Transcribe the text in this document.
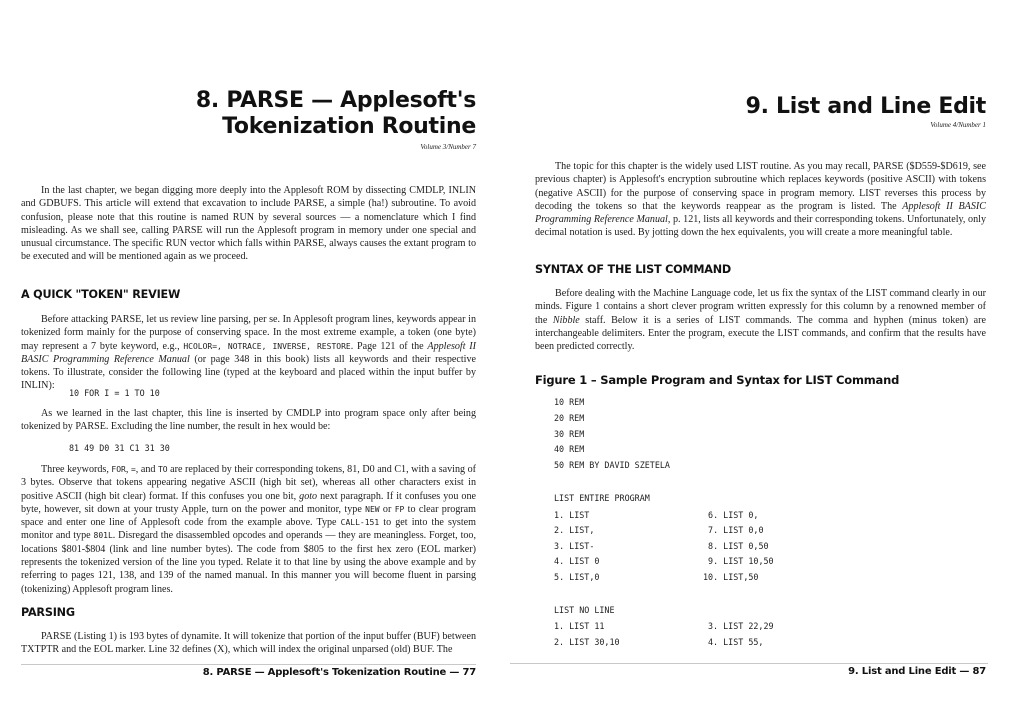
8. PARSE — Applesoft's
Tokenization Routine
Volume 3/Number 7

In the last chapter, we began digging more deeply into the Applesoft ROM by dissecting CMDLP, INLIN and GDBUFS. This article will extend that excavation to include PARSE, a simple (ha!) subroutine. To avoid confusion, please note that this routine is named RUN by several sources — a nomenclature which I find misleading. As we shall see, calling PARSE will run the Applesoft program in memory under one special and unusual circumstance. The specific RUN vector which falls within PARSE, always causes the extant program to be executed and will be mentioned again as we proceed.

A QUICK "TOKEN" REVIEW

Before attacking PARSE, let us review line parsing, per se. In Applesoft program lines, keywords appear in tokenized form mainly for the purpose of conserving space. In the most extreme example, a token (one byte) may represent a 7 byte keyword, e.g., HCOLOR=, NOTRACE, INVERSE, RESTORE. Page 121 of the Applesoft II BASIC Programming Reference Manual (or page 348 in this book) lists all keywords and their respective tokens. To illustrate, consider the following line (typed at the keyboard and placed within the input buffer by INLIN):

10 FOR I = 1 TO 10

As we learned in the last chapter, this line is inserted by CMDLP into program space only after being tokenized by PARSE. Excluding the line number, the result in hex would be:

81 49 D0 31 C1 31 30

Three keywords, FOR, =, and TO are replaced by their corresponding tokens, 81, D0 and C1, with a saving of 3 bytes. Observe that tokens appearing negative ASCII (high bit set), whereas all other characters exist in positive ASCII (high bit clear) format. If this confuses you one bit, goto next paragraph. If it confuses you one byte, however, sit down at your trusty Apple, turn on the power and monitor, type NEW or FP to clear program space and enter one line of Applesoft code from the example above. Type CALL-151 to get into the system monitor and type 801L. Disregard the disassembled opcodes and operands — they are meaningless. Forget, too, locations $801-$804 (link and line number bytes). The code from $805 to the first hex zero (EOL marker) represents the tokenized version of the line you typed. Relate it to that line by using the above example and by referring to pages 121, 138, and 139 of the named manual. In this manner you will become fluent in parsing (tokenizing) Applesoft program lines.

PARSING

PARSE (Listing 1) is 193 bytes of dynamite. It will tokenize that portion of the input buffer (BUF) between TXTPTR and the EOL marker. Line 32 defines (X), which will index the original unparsed (old) BUF. The

8. PARSE — Applesoft's Tokenization Routine — 77
9. List and Line Edit
Volume 4/Number 1

The topic for this chapter is the widely used LIST routine. As you may recall, PARSE ($D559-$D619, see previous chapter) is Applesoft's encryption subroutine which replaces keywords (positive ASCII) with tokens (negative ASCII) for the purpose of conserving space in program memory. LIST reverses this process by decoding the tokens so that the keywords reappear as the program is listed. The Applesoft II BASIC Programming Reference Manual, p. 121, lists all keywords and their corresponding tokens. Unfortunately, only decimal notation is used. By jotting down the hex equivalents, you will create a more meaningful table.

SYNTAX OF THE LIST COMMAND

Before dealing with the Machine Language code, let us fix the syntax of the LIST command clearly in our minds. Figure 1 contains a short clever program written expressly for this column by a renowned member of the Nibble staff. Below it is a series of LIST commands. The comma and hyphen (minus token) are interchangeable delimiters. Enter the program, execute the LIST commands, and confirm that the results have been predicted correctly.

Figure 1 – Sample Program and Syntax for LIST Command
10 REM
20 REM
30 REM
40 REM
50 REM BY DAVID SZETELA
LIST ENTIRE PROGRAM
1. LIST
2. LIST,
3. LIST-
4. LIST 0
5. LIST,0
6. LIST 0,
7. LIST 0,0
8. LIST 0,50
9. LIST 10,50
10. LIST,50
LIST NO LINE
1. LIST 11
2. LIST 30,10
3. LIST 22,29
4. LIST 55,
9. List and Line Edit — 87
